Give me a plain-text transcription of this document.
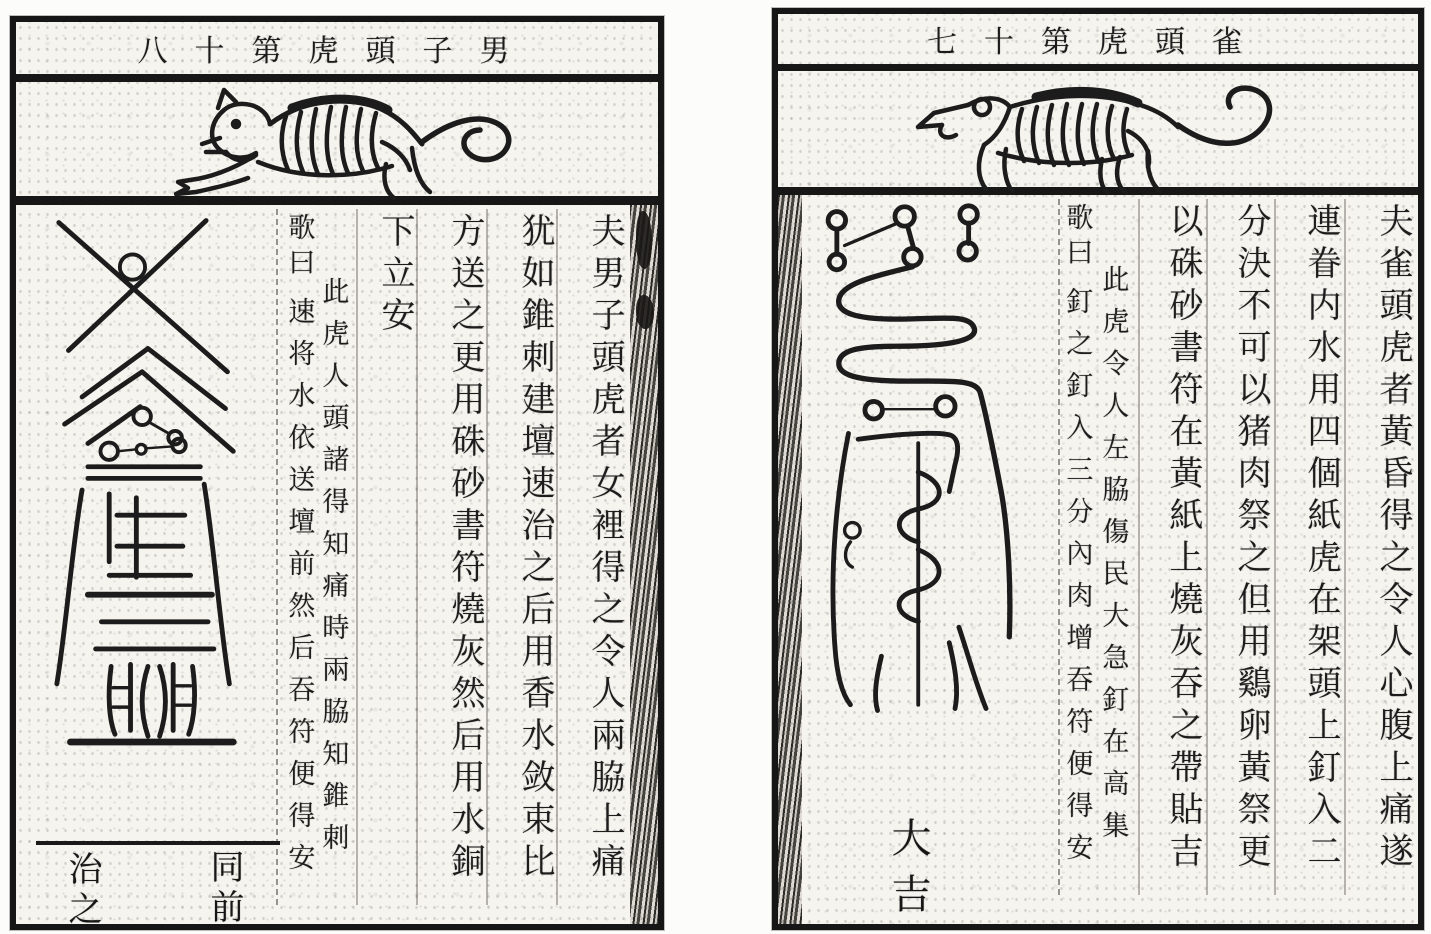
七十第虎頭雀
夫雀頭虎者黃昏得之令人心腹上痛遂
連眷内水用四個紙虎在架頭上釘入二
分決不可以猪肉祭之但用鷄卵黃祭更
以硃砂書符在黃紙上燒灰吞之帶貼吉
此虎令人左脇傷民大急釘在高集
歌曰
釘之釘入三分內肉增吞符便得安
大吉
八十第虎頭子男
夫男子頭虎者女裡得之令人兩脇上痛
犹如錐刺建壇速治之后用香水敛束比
方送之更用硃砂書符燒灰然后用水銅
下立安
此虎人頭諸得知痛時兩脇知錐刺
歌曰
速将水依送壇前然后吞符便得安
同前
治之
